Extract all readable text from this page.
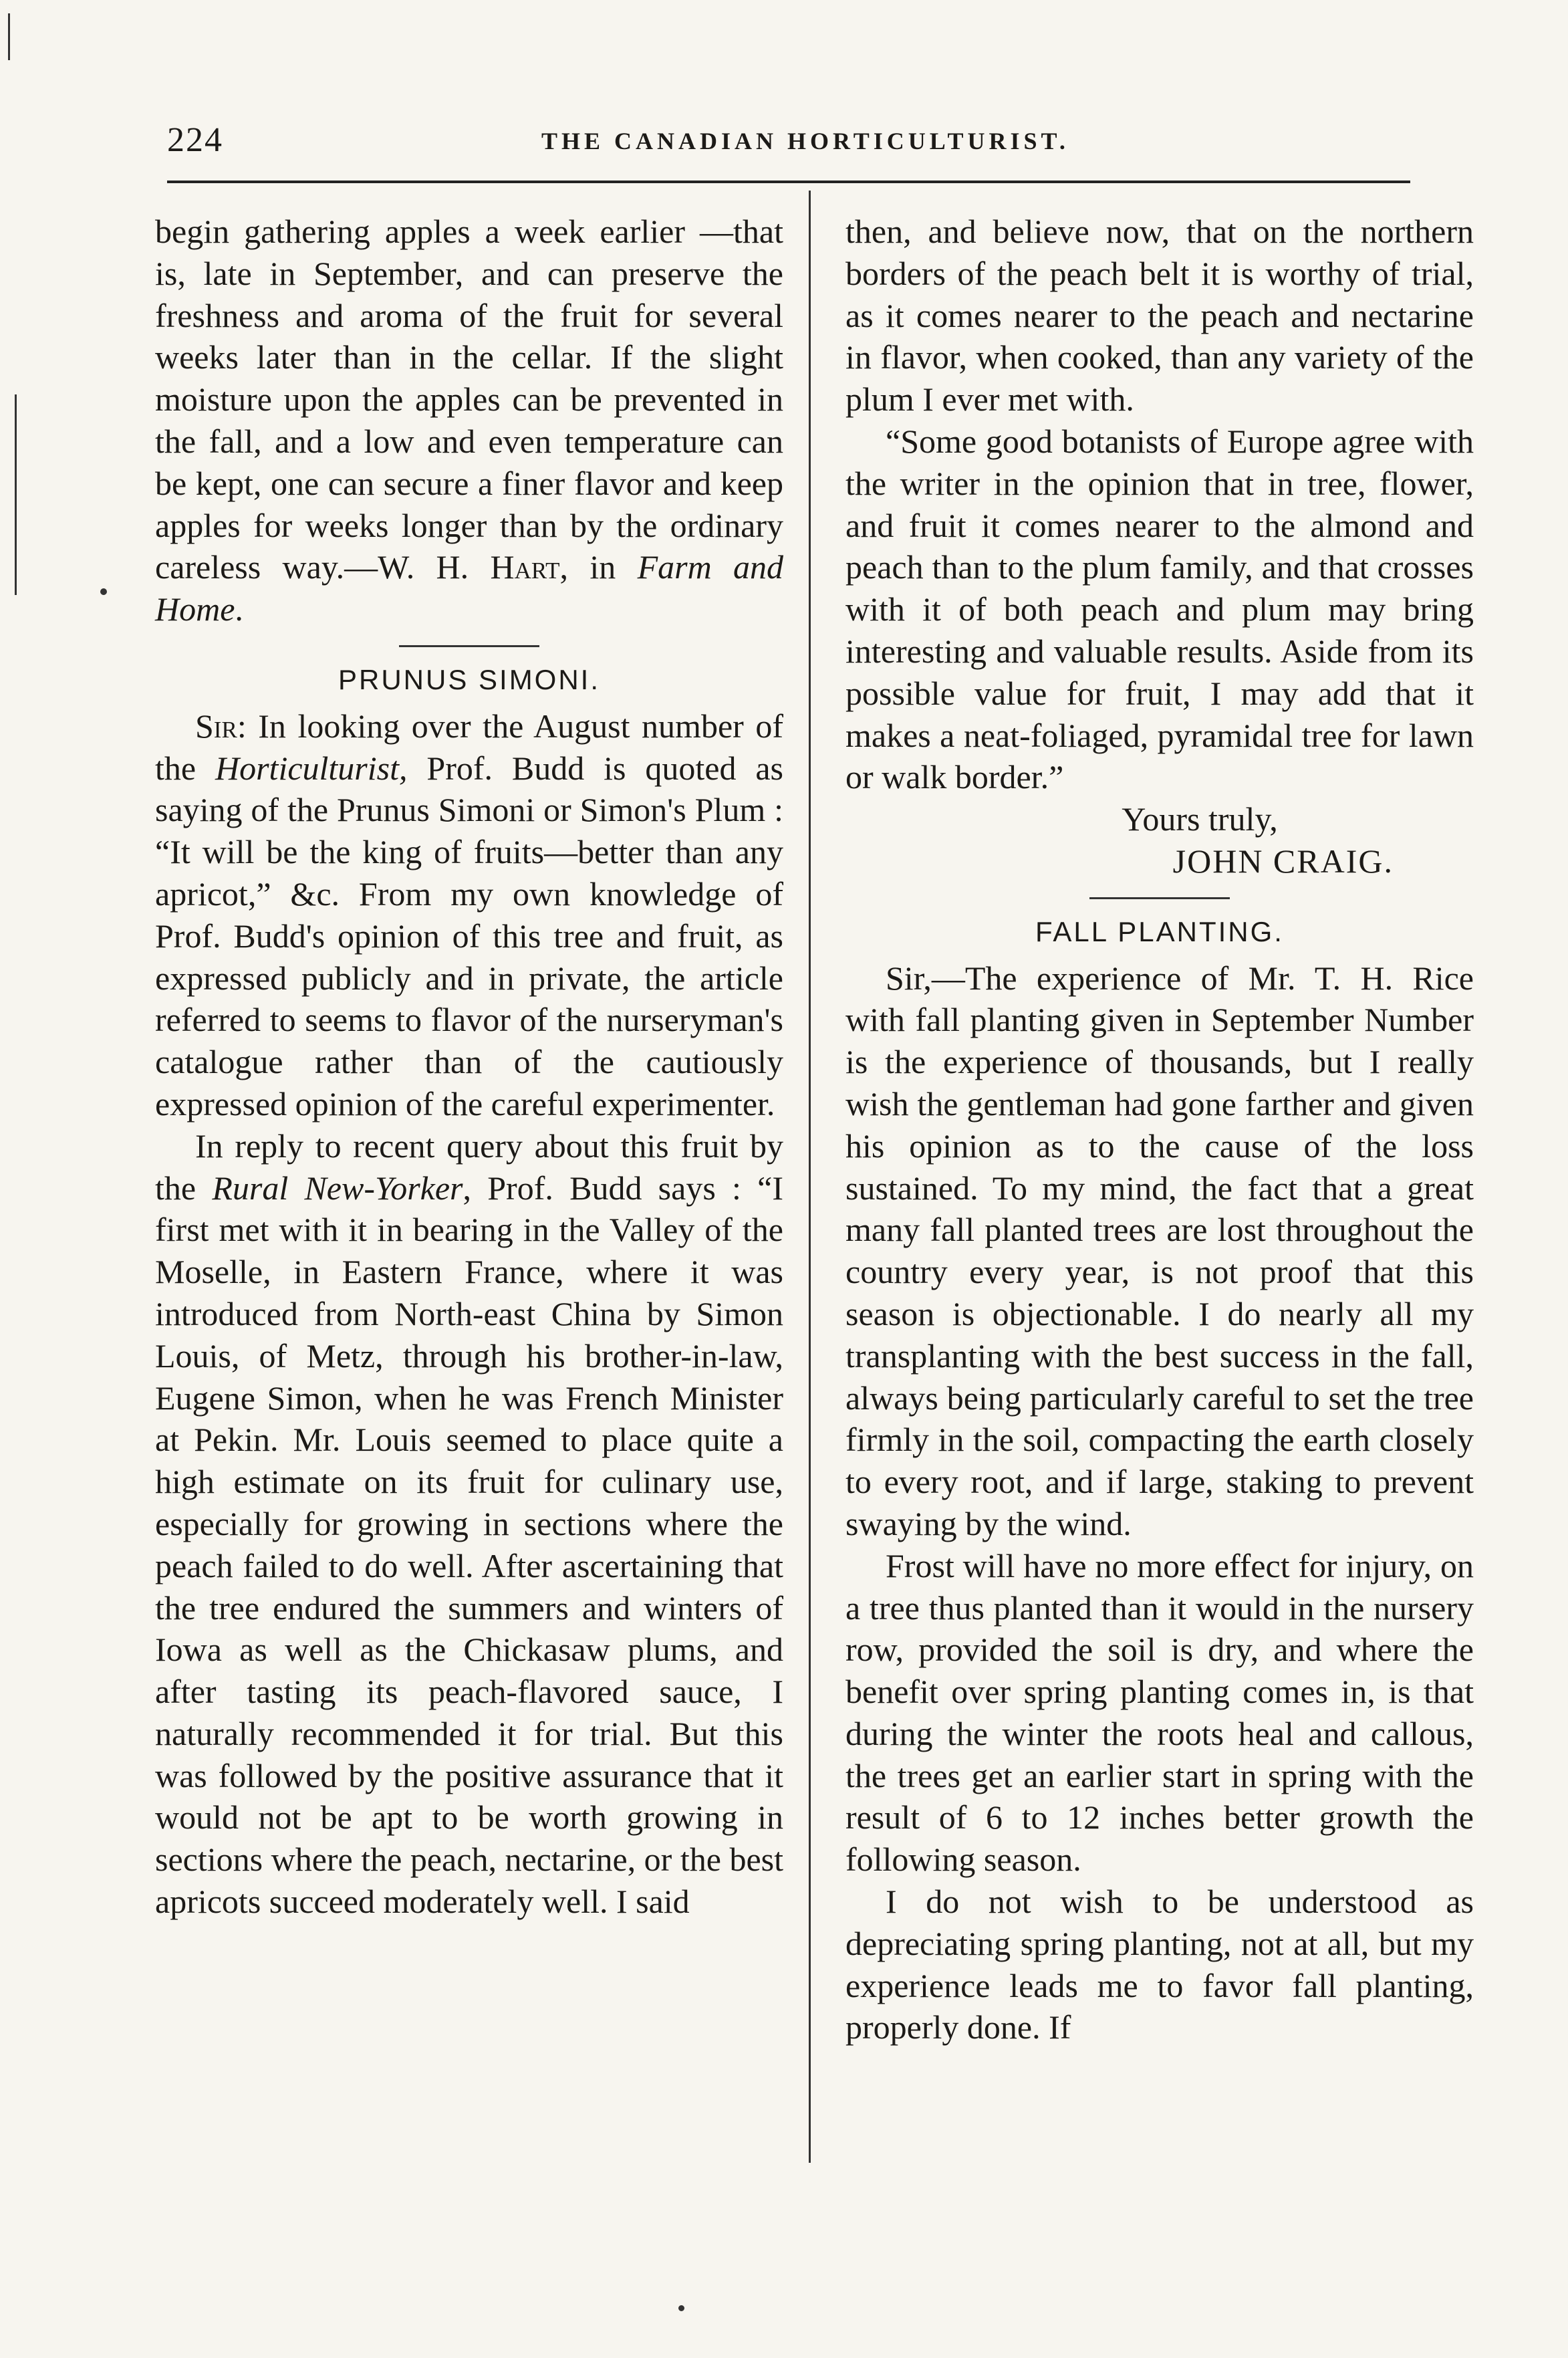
224	THE CANADIAN HORTICULTURIST.

begin gathering apples a week earlier —that is, late in September, and can preserve the freshness and aroma of the fruit for several weeks later than in the cellar. If the slight moisture upon the apples can be prevented in the fall, and a low and even temperature can be kept, one can secure a finer flavor and keep apples for weeks longer than by the ordinary careless way.—W. H. Hart, in Farm and Home.

PRUNUS SIMONI.

Sir: In looking over the August number of the Horticulturist, Prof. Budd is quoted as saying of the Prunus Simoni or Simon's Plum : “It will be the king of fruits—better than any apricot,” &c. From my own knowledge of Prof. Budd's opinion of this tree and fruit, as expressed publicly and in private, the article referred to seems to flavor of the nurseryman's catalogue rather than of the cautiously expressed opinion of the careful experimenter.

In reply to recent query about this fruit by the Rural New-Yorker, Prof. Budd says : “I first met with it in bearing in the Valley of the Moselle, in Eastern France, where it was introduced from North-east China by Simon Louis, of Metz, through his brother-in-law, Eugene Simon, when he was French Minister at Pekin. Mr. Louis seemed to place quite a high estimate on its fruit for culinary use, especially for growing in sections where the peach failed to do well. After ascertaining that the tree endured the summers and winters of Iowa as well as the Chickasaw plums, and after tasting its peach-flavored sauce, I naturally recommended it for trial. But this was followed by the positive assurance that it would not be apt to be worth growing in sections where the peach, nectarine, or the best apricots succeed moderately well. I said

then, and believe now, that on the northern borders of the peach belt it is worthy of trial, as it comes nearer to the peach and nectarine in flavor, when cooked, than any variety of the plum I ever met with.

“Some good botanists of Europe agree with the writer in the opinion that in tree, flower, and fruit it comes nearer to the almond and peach than to the plum family, and that crosses with it of both peach and plum may bring interesting and valuable results. Aside from its possible value for fruit, I may add that it makes a neat-foliaged, pyramidal tree for lawn or walk border.”

Yours truly,

JOHN CRAIG.

FALL PLANTING.

Sir,—The experience of Mr. T. H. Rice with fall planting given in September Number is the experience of thousands, but I really wish the gentleman had gone farther and given his opinion as to the cause of the loss sustained. To my mind, the fact that a great many fall planted trees are lost throughout the country every year, is not proof that this season is objectionable. I do nearly all my transplanting with the best success in the fall, always being particularly careful to set the tree firmly in the soil, compacting the earth closely to every root, and if large, staking to prevent swaying by the wind.

Frost will have no more effect for injury, on a tree thus planted than it would in the nursery row, provided the soil is dry, and where the benefit over spring planting comes in, is that during the winter the roots heal and callous, the trees get an earlier start in spring with the result of 6 to 12 inches better growth the following season.

I do not wish to be understood as depreciating spring planting, not at all, but my experience leads me to favor fall planting, properly done. If
